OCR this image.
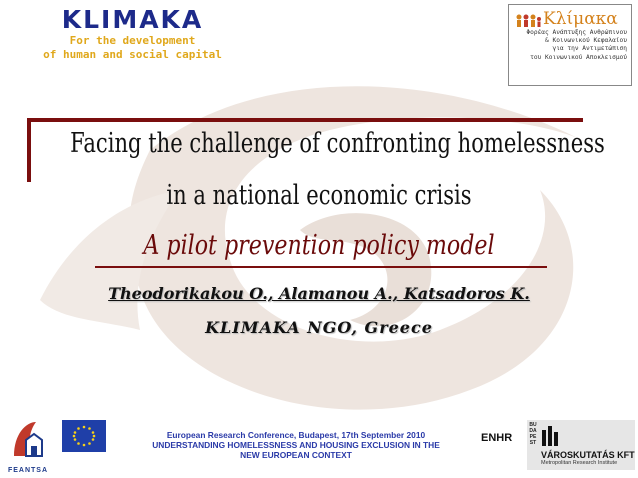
KLIMAKA
For the development
of human and social capital
Κλίμακα
Φορέας Ανάπτυξης Ανθρώπινου
& Κοινωνικού Κεφαλαίου
για την Αντιμετώπιση
του Κοινωνικού Αποκλεισμού
Facing the challenge of confronting homelessness
in a national economic crisis
A pilot prevention policy model
Theodorikakou O., Alamanou A., Katsadoros K.
KLIMAKA NGO, Greece
FEANTSA
European Research Conference, Budapest, 17th September 2010
UNDERSTANDING HOMELESSNESS AND HOUSING EXCLUSION IN THE
NEW EUROPEAN CONTEXT
ENHR
BUDAPEST
VÁROSKUTATÁS KFT
Metropolitan Research Institute
